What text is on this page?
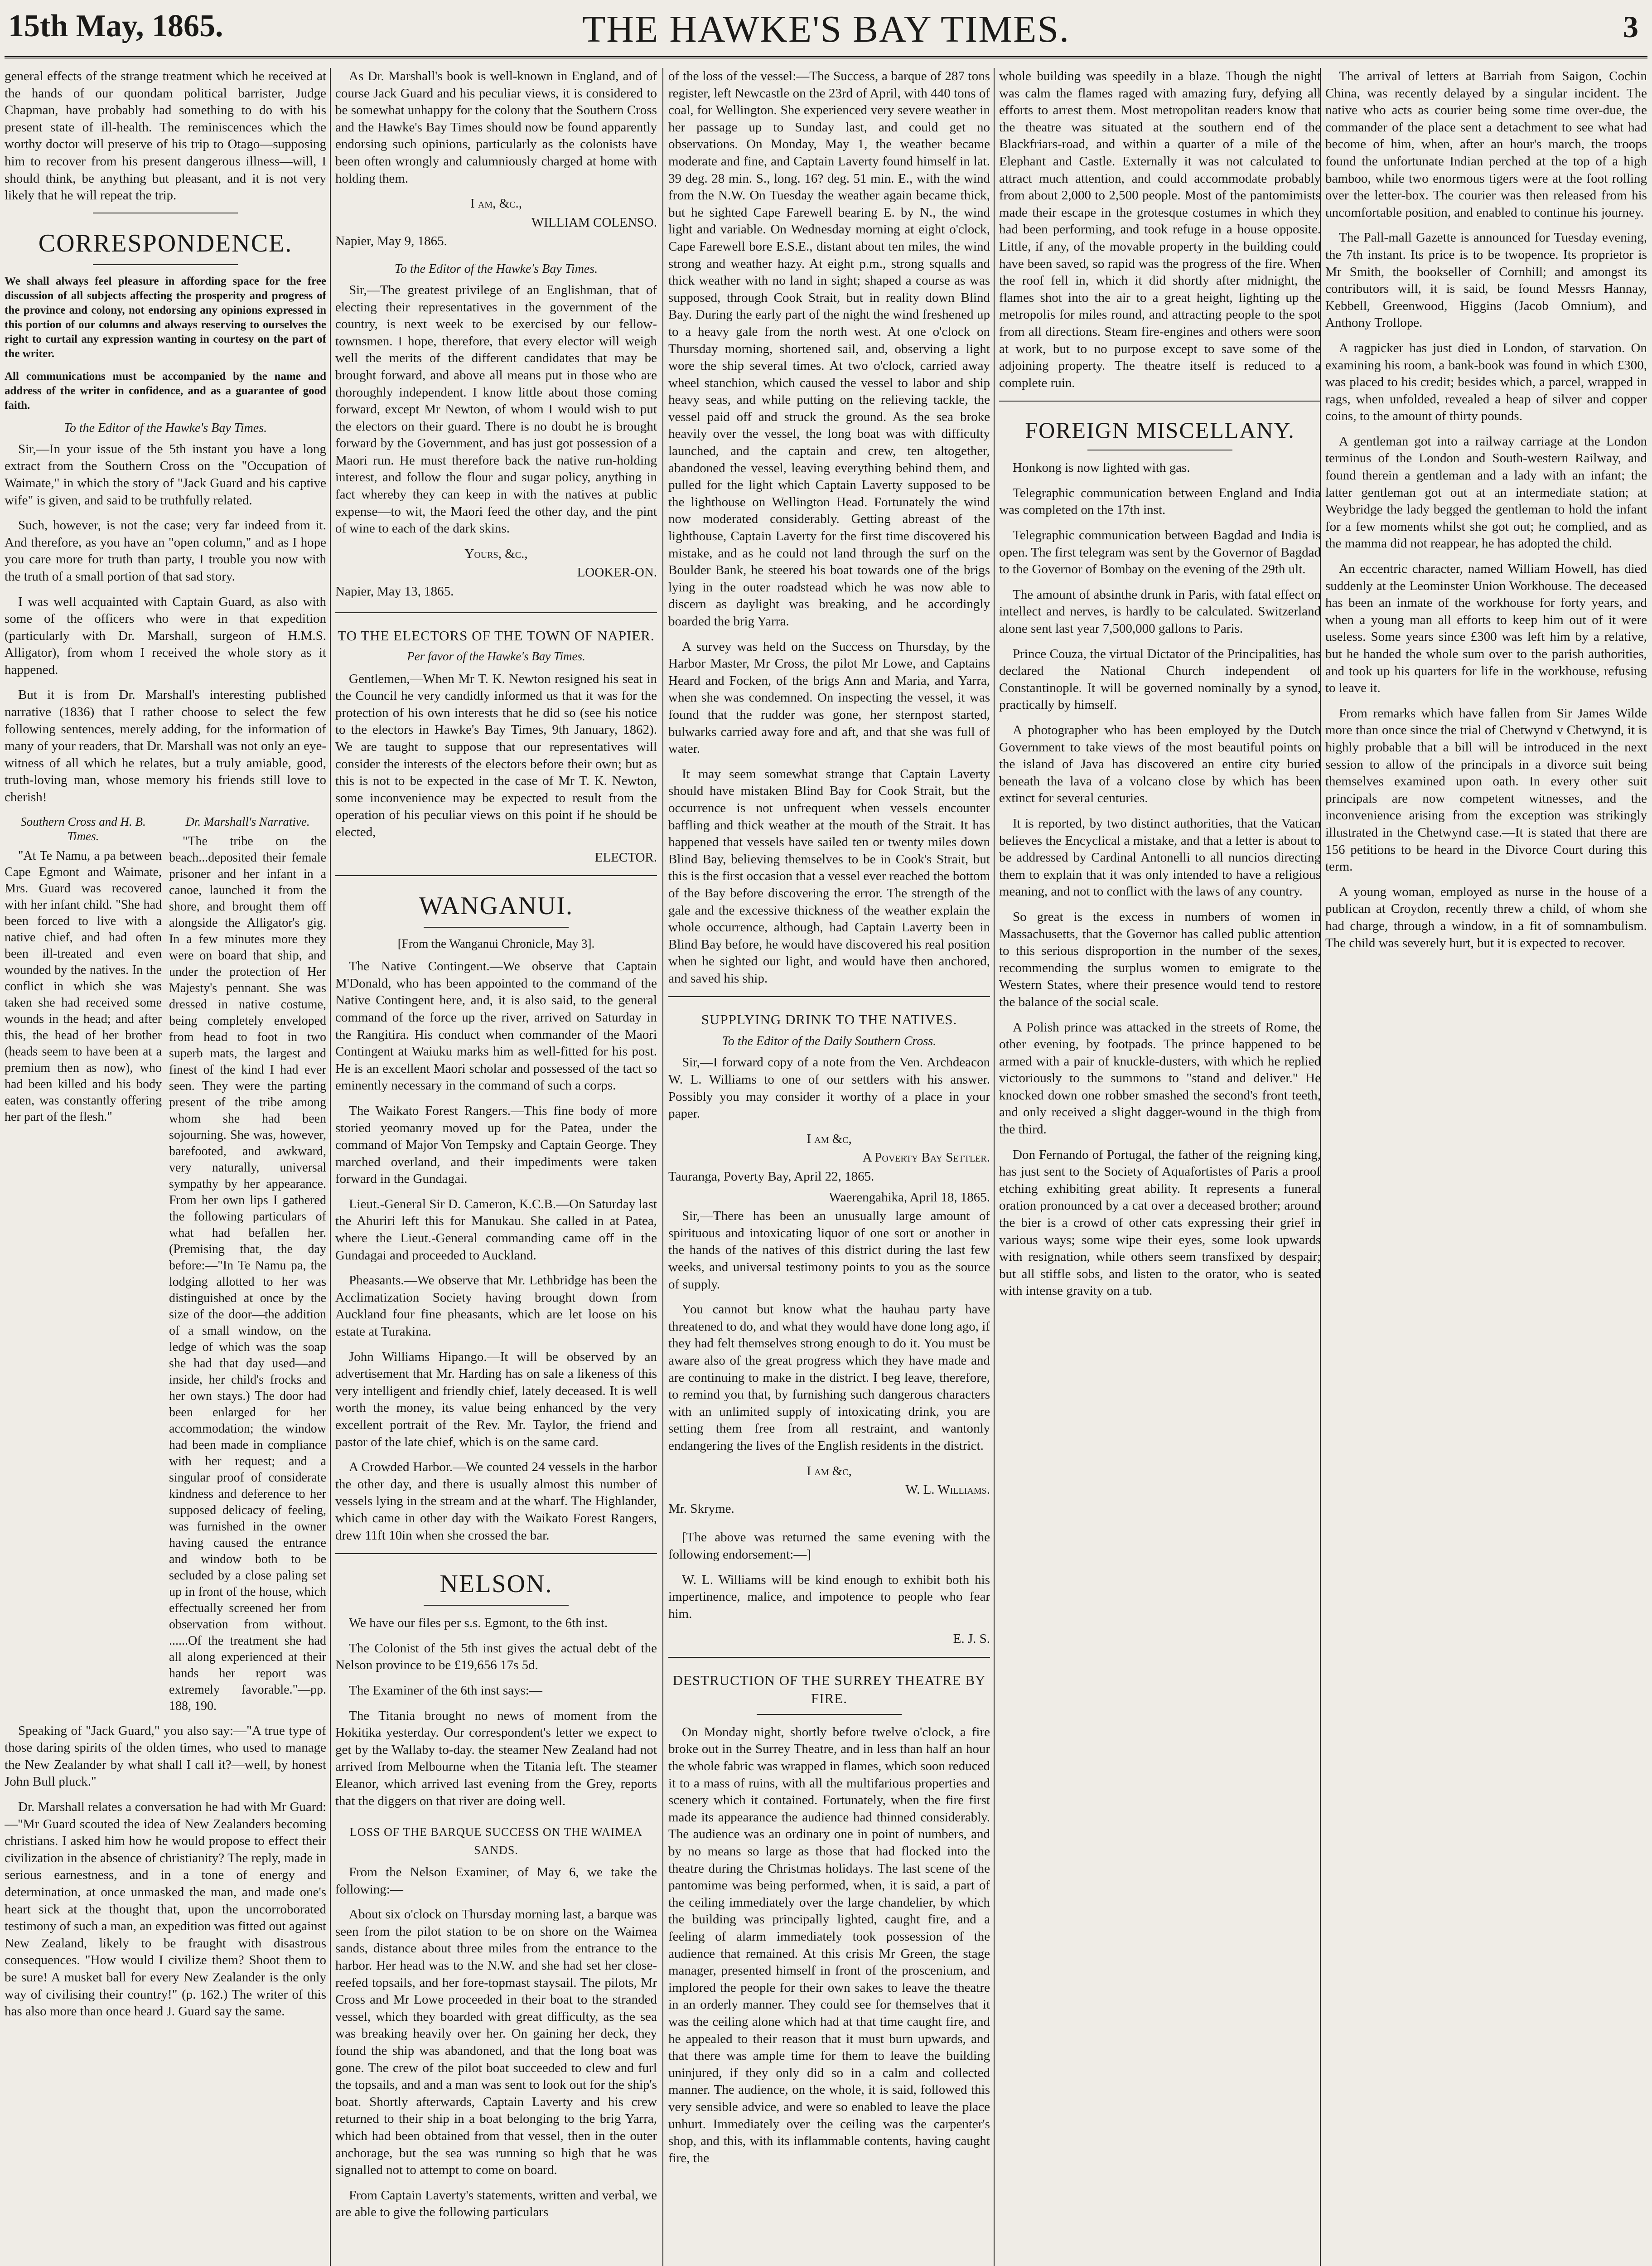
15th May, 1865.	THE HAWKE'S BAY TIMES.	3

general effects of the strange treatment which he received at the hands of our quondam political barrister, Judge Chapman, have probably had something to do with his present state of ill-health. The reminiscences which the worthy doctor will preserve of his trip to Otago—supposing him to recover from his present dangerous illness—will, I should think, be anything but pleasant, and it is not very likely that he will repeat the trip.

CORRESPONDENCE.

We shall always feel pleasure in affording space for the free discussion of all subjects affecting the prosperity and progress of the province and colony, not endorsing any opinions expressed in this portion of our columns and always reserving to ourselves the right to curtail any expression wanting in courtesy on the part of the writer.

All communications must be accompanied by the name and address of the writer in confidence, and as a guarantee of good faith.

To the Editor of the Hawke's Bay Times.

Sir,—In your issue of the 5th instant you have a long extract from the Southern Cross on the "Occupation of Waimate," in which the story of "Jack Guard and his captive wife" is given, and said to be truthfully related.

Such, however, is not the case; very far indeed from it. And therefore, as you have an "open column," and as I hope you care more for truth than party, I trouble you now with the truth of a small portion of that sad story.

I was well acquainted with Captain Guard, as also with some of the officers who were in that expedition (particularly with Dr. Marshall, surgeon of H.M.S. Alligator), from whom I received the whole story as it happened.

But it is from Dr. Marshall's interesting published narrative (1836) that I rather choose to select the few following sentences, merely adding, for the information of many of your readers, that Dr. Marshall was not only an eye-witness of all which he relates, but a truly amiable, good, truth-loving man, whose memory his friends still love to cherish!

Southern Cross and H. B. Times.

"At Te Namu, a pa between Cape Egmont and Waimate, Mrs. Guard was recovered with her infant child. "She had been forced to live with a native chief, and had often been ill-treated and even wounded by the natives. In the conflict in which she was taken she had received some wounds in the head; and after this, the head of her brother (heads seem to have been at a premium then as now), who had been killed and his body eaten, was constantly offering her part of the flesh."

Dr. Marshall's Narrative.

"The tribe on the beach...deposited their female prisoner and her infant in a canoe, launched it from the shore, and brought them off alongside the Alligator's gig. In a few minutes more they were on board that ship, and under the protection of Her Majesty's pennant. She was dressed in native costume, being completely enveloped from head to foot in two superb mats, the largest and finest of the kind I had ever seen. They were the parting present of the tribe among whom she had been sojourning. She was, however, barefooted, and awkward, very naturally, universal sympathy by her appearance. From her own lips I gathered the following particulars of what had befallen her. (Premising that, the day before:—"In Te Namu pa, the lodging allotted to her was distinguished at once by the size of the door—the addition of a small window, on the ledge of which was the soap she had that day used—and inside, her child's frocks and her own stays.) The door had been enlarged for her accommodation; the window had been made in compliance with her request; and a singular proof of considerate kindness and deference to her supposed delicacy of feeling, was furnished in the owner having caused the entrance and window both to be secluded by a close paling set up in front of the house, which effectually screened her from observation from without. ......Of the treatment she had all along experienced at their hands her report was extremely favorable."—pp. 188, 190.

Speaking of "Jack Guard," you also say:—"A true type of those daring spirits of the olden times, who used to manage the New Zealander by what shall I call it?—well, by honest John Bull pluck."

Dr. Marshall relates a conversation he had with Mr Guard:—"Mr Guard scouted the idea of New Zealanders becoming christians. I asked him how he would propose to effect their civilization in the absence of christianity? The reply, made in serious earnestness, and in a tone of energy and determination, at once unmasked the man, and made one's heart sick at the thought that, upon the uncorroborated testimony of such a man, an expedition was fitted out against New Zealand, likely to be fraught with disastrous consequences. "How would I civilize them? Shoot them to be sure! A musket ball for every New Zealander is the only way of civilising their country!" (p. 162.) The writer of this has also more than once heard J. Guard say the same.

As Dr. Marshall's book is well-known in England, and of course Jack Guard and his peculiar views, it is considered to be somewhat unhappy for the colony that the Southern Cross and the Hawke's Bay Times should now be found apparently endorsing such opinions, particularly as the colonists have been often wrongly and calumniously charged at home with holding them.

I am, &c.,

WILLIAM COLENSO.

Napier, May 9, 1865.

To the Editor of the Hawke's Bay Times.

Sir,—The greatest privilege of an Englishman, that of electing their representatives in the government of the country, is next week to be exercised by our fellow-townsmen. I hope, therefore, that every elector will weigh well the merits of the different candidates that may be brought forward, and above all means put in those who are thoroughly independent. I know little about those coming forward, except Mr Newton, of whom I would wish to put the electors on their guard. There is no doubt he is brought forward by the Government, and has just got possession of a Maori run. He must therefore back the native run-holding interest, and follow the flour and sugar policy, anything in fact whereby they can keep in with the natives at public expense—to wit, the Maori feed the other day, and the pint of wine to each of the dark skins.

Yours, &c.,

LOOKER-ON.

Napier, May 13, 1865.

TO THE ELECTORS OF THE TOWN OF NAPIER.
Per favor of the Hawke's Bay Times.

Gentlemen,—When Mr T. K. Newton resigned his seat in the Council he very candidly informed us that it was for the protection of his own interests that he did so (see his notice to the electors in Hawke's Bay Times, 9th January, 1862). We are taught to suppose that our representatives will consider the interests of the electors before their own; but as this is not to be expected in the case of Mr T. K. Newton, some inconvenience may be expected to result from the operation of his peculiar views on this point if he should be elected,

ELECTOR.

WANGANUI.
[From the Wanganui Chronicle, May 3].

The Native Contingent.—We observe that Captain M'Donald, who has been appointed to the command of the Native Contingent here, and, it is also said, to the general command of the force up the river, arrived on Saturday in the Rangitira. His conduct when commander of the Maori Contingent at Waiuku marks him as well-fitted for his post. He is an excellent Maori scholar and possessed of the tact so eminently necessary in the command of such a corps.

The Waikato Forest Rangers.—This fine body of more storied yeomanry moved up for the Patea, under the command of Major Von Tempsky and Captain George. They marched overland, and their impediments were taken forward in the Gundagai.

Lieut.-General Sir D. Cameron, K.C.B.—On Saturday last the Ahuriri left this for Manukau. She called in at Patea, where the Lieut.-General commanding came off in the Gundagai and proceeded to Auckland.

Pheasants.—We observe that Mr. Lethbridge has been the Acclimatization Society having brought down from Auckland four fine pheasants, which are let loose on his estate at Turakina.

John Williams Hipango.—It will be observed by an advertisement that Mr. Harding has on sale a likeness of this very intelligent and friendly chief, lately deceased. It is well worth the money, its value being enhanced by the very excellent portrait of the Rev. Mr. Taylor, the friend and pastor of the late chief, which is on the same card.

A Crowded Harbor.—We counted 24 vessels in the harbor the other day, and there is usually almost this number of vessels lying in the stream and at the wharf. The Highlander, which came in other day with the Waikato Forest Rangers, drew 11ft 10in when she crossed the bar.

NELSON.

We have our files per s.s. Egmont, to the 6th inst.

The Colonist of the 5th inst gives the actual debt of the Nelson province to be £19,656 17s 5d.

The Examiner of the 6th inst says:—

The Titania brought no news of moment from the Hokitika yesterday. Our correspondent's letter we expect to get by the Wallaby to-day. the steamer New Zealand had not arrived from Melbourne when the Titania left. The steamer Eleanor, which arrived last evening from the Grey, reports that the diggers on that river are doing well.

LOSS OF THE BARQUE SUCCESS ON THE WAIMEA SANDS.

From the Nelson Examiner, of May 6, we take the following:—

About six o'clock on Thursday morning last, a barque was seen from the pilot station to be on shore on the Waimea sands, distance about three miles from the entrance to the harbor. Her head was to the N.W. and she had set her close-reefed topsails, and her fore-topmast staysail. The pilots, Mr Cross and Mr Lowe proceeded in their boat to the stranded vessel, which they boarded with great difficulty, as the sea was breaking heavily over her. On gaining her deck, they found the ship was abandoned, and that the long boat was gone. The crew of the pilot boat succeeded to clew and furl the topsails, and and a man was sent to look out for the ship's boat. Shortly afterwards, Captain Laverty and his crew returned to their ship in a boat belonging to the brig Yarra, which had been obtained from that vessel, then in the outer anchorage, but the sea was running so high that he was signalled not to attempt to come on board.

From Captain Laverty's statements, written and verbal, we are able to give the following particulars

of the loss of the vessel:—The Success, a barque of 287 tons register, left Newcastle on the 23rd of April, with 440 tons of coal, for Wellington. She experienced very severe weather in her passage up to Sunday last, and could get no observations. On Monday, May 1, the weather became moderate and fine, and Captain Laverty found himself in lat. 39 deg. 28 min. S., long. 16? deg. 51 min. E., with the wind from the N.W. On Tuesday the weather again became thick, but he sighted Cape Farewell bearing E. by N., the wind light and variable. On Wednesday morning at eight o'clock, Cape Farewell bore E.S.E., distant about ten miles, the wind strong and weather hazy. At eight p.m., strong squalls and thick weather with no land in sight; shaped a course as was supposed, through Cook Strait, but in reality down Blind Bay. During the early part of the night the wind freshened up to a heavy gale from the north west. At one o'clock on Thursday morning, shortened sail, and, observing a light wore the ship several times. At two o'clock, carried away wheel stanchion, which caused the vessel to labor and ship heavy seas, and while putting on the relieving tackle, the vessel paid off and struck the ground. As the sea broke heavily over the vessel, the long boat was with difficulty launched, and the captain and crew, ten altogether, abandoned the vessel, leaving everything behind them, and pulled for the light which Captain Laverty supposed to be the lighthouse on Wellington Head. Fortunately the wind now moderated considerably. Getting abreast of the lighthouse, Captain Laverty for the first time discovered his mistake, and as he could not land through the surf on the Boulder Bank, he steered his boat towards one of the brigs lying in the outer roadstead which he was now able to discern as daylight was breaking, and he accordingly boarded the brig Yarra.

A survey was held on the Success on Thursday, by the Harbor Master, Mr Cross, the pilot Mr Lowe, and Captains Heard and Focken, of the brigs Ann and Maria, and Yarra, when she was condemned. On inspecting the vessel, it was found that the rudder was gone, her sternpost started, bulwarks carried away fore and aft, and that she was full of water.

It may seem somewhat strange that Captain Laverty should have mistaken Blind Bay for Cook Strait, but the occurrence is not unfrequent when vessels encounter baffling and thick weather at the mouth of the Strait. It has happened that vessels have sailed ten or twenty miles down Blind Bay, believing themselves to be in Cook's Strait, but this is the first occasion that a vessel ever reached the bottom of the Bay before discovering the error. The strength of the gale and the excessive thickness of the weather explain the whole occurrence, although, had Captain Laverty been in Blind Bay before, he would have discovered his real position when he sighted our light, and would have then anchored, and saved his ship.

SUPPLYING DRINK TO THE NATIVES.
To the Editor of the Daily Southern Cross.

Sir,—I forward copy of a note from the Ven. Archdeacon W. L. Williams to one of our settlers with his answer. Possibly you may consider it worthy of a place in your paper.

I am &c,

A Poverty Bay Settler.

Tauranga, Poverty Bay, April 22, 1865.

Waerengahika, April 18, 1865.

Sir,—There has been an unusually large amount of spirituous and intoxicating liquor of one sort or another in the hands of the natives of this district during the last few weeks, and universal testimony points to you as the source of supply.

You cannot but know what the hauhau party have threatened to do, and what they would have done long ago, if they had felt themselves strong enough to do it. You must be aware also of the great progress which they have made and are continuing to make in the district. I beg leave, therefore, to remind you that, by furnishing such dangerous characters with an unlimited supply of intoxicating drink, you are setting them free from all restraint, and wantonly endangering the lives of the English residents in the district.

I am &c,

W. L. Williams.

Mr. Skryme.

[The above was returned the same evening with the following endorsement:—]

W. L. Williams will be kind enough to exhibit both his impertinence, malice, and impotence to people who fear him.

E. J. S.

DESTRUCTION OF THE SURREY THEATRE BY FIRE.

On Monday night, shortly before twelve o'clock, a fire broke out in the Surrey Theatre, and in less than half an hour the whole fabric was wrapped in flames, which soon reduced it to a mass of ruins, with all the multifarious properties and scenery which it contained. Fortunately, when the fire first made its appearance the audience had thinned considerably. The audience was an ordinary one in point of numbers, and by no means so large as those that had flocked into the theatre during the Christmas holidays. The last scene of the pantomime was being performed, when, it is said, a part of the ceiling immediately over the large chandelier, by which the building was principally lighted, caught fire, and a feeling of alarm immediately took possession of the audience that remained. At this crisis Mr Green, the stage manager, presented himself in front of the proscenium, and implored the people for their own sakes to leave the theatre in an orderly manner. They could see for themselves that it was the ceiling alone which had at that time caught fire, and he appealed to their reason that it must burn upwards, and that there was ample time for them to leave the building uninjured, if they only did so in a calm and collected manner. The audience, on the whole, it is said, followed this very sensible advice, and were so enabled to leave the place unhurt. Immediately over the ceiling was the carpenter's shop, and this, with its inflammable contents, having caught fire, the

whole building was speedily in a blaze. Though the night was calm the flames raged with amazing fury, defying all efforts to arrest them. Most metropolitan readers know that the theatre was situated at the southern end of the Blackfriars-road, and within a quarter of a mile of the Elephant and Castle. Externally it was not calculated to attract much attention, and could accommodate probably from about 2,000 to 2,500 people. Most of the pantomimists made their escape in the grotesque costumes in which they had been performing, and took refuge in a house opposite. Little, if any, of the movable property in the building could have been saved, so rapid was the progress of the fire. When the roof fell in, which it did shortly after midnight, the flames shot into the air to a great height, lighting up the metropolis for miles round, and attracting people to the spot from all directions. Steam fire-engines and others were soon at work, but to no purpose except to save some of the adjoining property. The theatre itself is reduced to a complete ruin.

FOREIGN MISCELLANY.

Honkong is now lighted with gas.

Telegraphic communication between England and India was completed on the 17th inst.

Telegraphic communication between Bagdad and India is open. The first telegram was sent by the Governor of Bagdad to the Governor of Bombay on the evening of the 29th ult.

The amount of absinthe drunk in Paris, with fatal effect on intellect and nerves, is hardly to be calculated. Switzerland alone sent last year 7,500,000 gallons to Paris.

Prince Couza, the virtual Dictator of the Principalities, has declared the National Church independent of Constantinople. It will be governed nominally by a synod, practically by himself.

A photographer who has been employed by the Dutch Government to take views of the most beautiful points on the island of Java has discovered an entire city buried beneath the lava of a volcano close by which has been extinct for several centuries.

It is reported, by two distinct authorities, that the Vatican believes the Encyclical a mistake, and that a letter is about to be addressed by Cardinal Antonelli to all nuncios directing them to explain that it was only intended to have a religious meaning, and not to conflict with the laws of any country.

So great is the excess in numbers of women in Massachusetts, that the Governor has called public attention to this serious disproportion in the number of the sexes, recommending the surplus women to emigrate to the Western States, where their presence would tend to restore the balance of the social scale.

A Polish prince was attacked in the streets of Rome, the other evening, by footpads. The prince happened to be armed with a pair of knuckle-dusters, with which he replied victoriously to the summons to "stand and deliver." He knocked down one robber smashed the second's front teeth, and only received a slight dagger-wound in the thigh from the third.

Don Fernando of Portugal, the father of the reigning king, has just sent to the Society of Aquafortistes of Paris a proof etching exhibiting great ability. It represents a funeral oration pronounced by a cat over a deceased brother; around the bier is a crowd of other cats expressing their grief in various ways; some wipe their eyes, some look upwards with resignation, while others seem transfixed by despair; but all stiffle sobs, and listen to the orator, who is seated with intense gravity on a tub.

The arrival of letters at Barriah from Saigon, Cochin China, was recently delayed by a singular incident. The native who acts as courier being some time over-due, the commander of the place sent a detachment to see what had become of him, when, after an hour's march, the troops found the unfortunate Indian perched at the top of a high bamboo, while two enormous tigers were at the foot rolling over the letter-box. The courier was then released from his uncomfortable position, and enabled to continue his journey.

The Pall-mall Gazette is announced for Tuesday evening, the 7th instant. Its price is to be twopence. Its proprietor is Mr Smith, the bookseller of Cornhill; and amongst its contributors will, it is said, be found Messrs Hannay, Kebbell, Greenwood, Higgins (Jacob Omnium), and Anthony Trollope.

A ragpicker has just died in London, of starvation. On examining his room, a bank-book was found in which £300, was placed to his credit; besides which, a parcel, wrapped in rags, when unfolded, revealed a heap of silver and copper coins, to the amount of thirty pounds.

A gentleman got into a railway carriage at the London terminus of the London and South-western Railway, and found therein a gentleman and a lady with an infant; the latter gentleman got out at an intermediate station; at Weybridge the lady begged the gentleman to hold the infant for a few moments whilst she got out; he complied, and as the mamma did not reappear, he has adopted the child.

An eccentric character, named William Howell, has died suddenly at the Leominster Union Workhouse. The deceased has been an inmate of the workhouse for forty years, and when a young man all efforts to keep him out of it were useless. Some years since £300 was left him by a relative, but he handed the whole sum over to the parish authorities, and took up his quarters for life in the workhouse, refusing to leave it.

From remarks which have fallen from Sir James Wilde more than once since the trial of Chetwynd v Chetwynd, it is highly probable that a bill will be introduced in the next session to allow of the principals in a divorce suit being themselves examined upon oath. In every other suit principals are now competent witnesses, and the inconvenience arising from the exception was strikingly illustrated in the Chetwynd case.—It is stated that there are 156 petitions to be heard in the Divorce Court during this term.

A young woman, employed as nurse in the house of a publican at Croydon, recently threw a child, of whom she had charge, through a window, in a fit of somnambulism. The child was severely hurt, but it is expected to recover.
